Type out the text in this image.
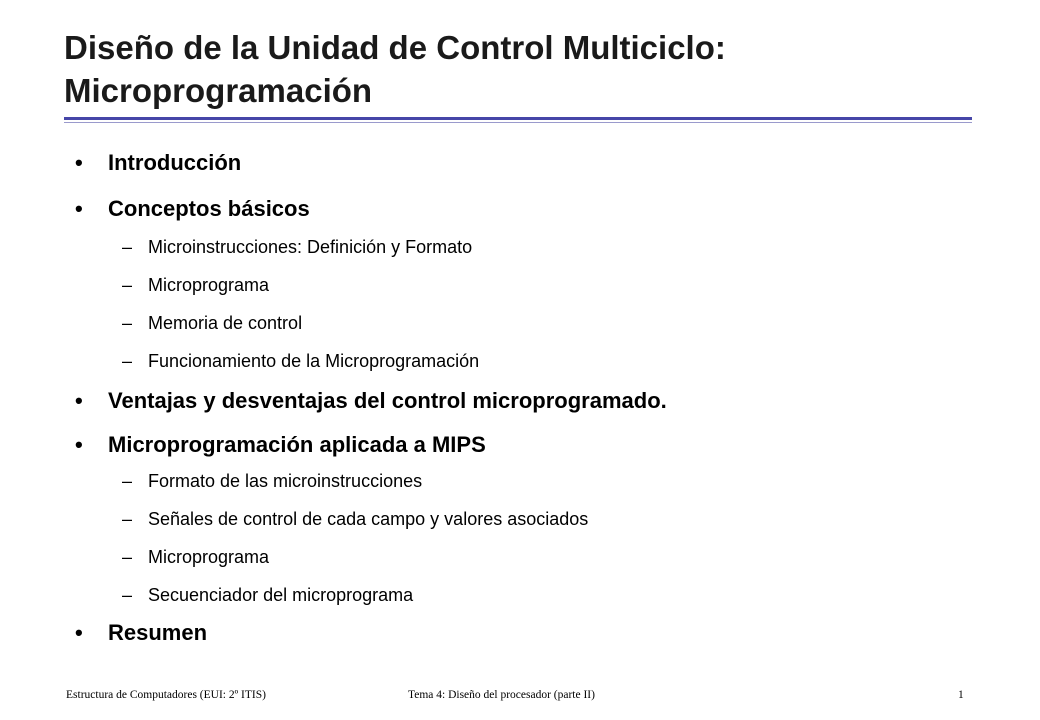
Diseño de la Unidad de Control Multiciclo:
Microprogramación
• Introducción
• Conceptos básicos
– Microinstrucciones: Definición y Formato
– Microprograma
– Memoria de control
– Funcionamiento de la Microprogramación
• Ventajas y desventajas del control microprogramado.
• Microprogramación aplicada a MIPS
– Formato de las microinstrucciones
– Señales de control de cada campo y valores asociados
– Microprograma
– Secuenciador del microprograma
• Resumen
Estructura de Computadores (EUI: 2º ITIS)	Tema 4: Diseño del procesador (parte II)	1
